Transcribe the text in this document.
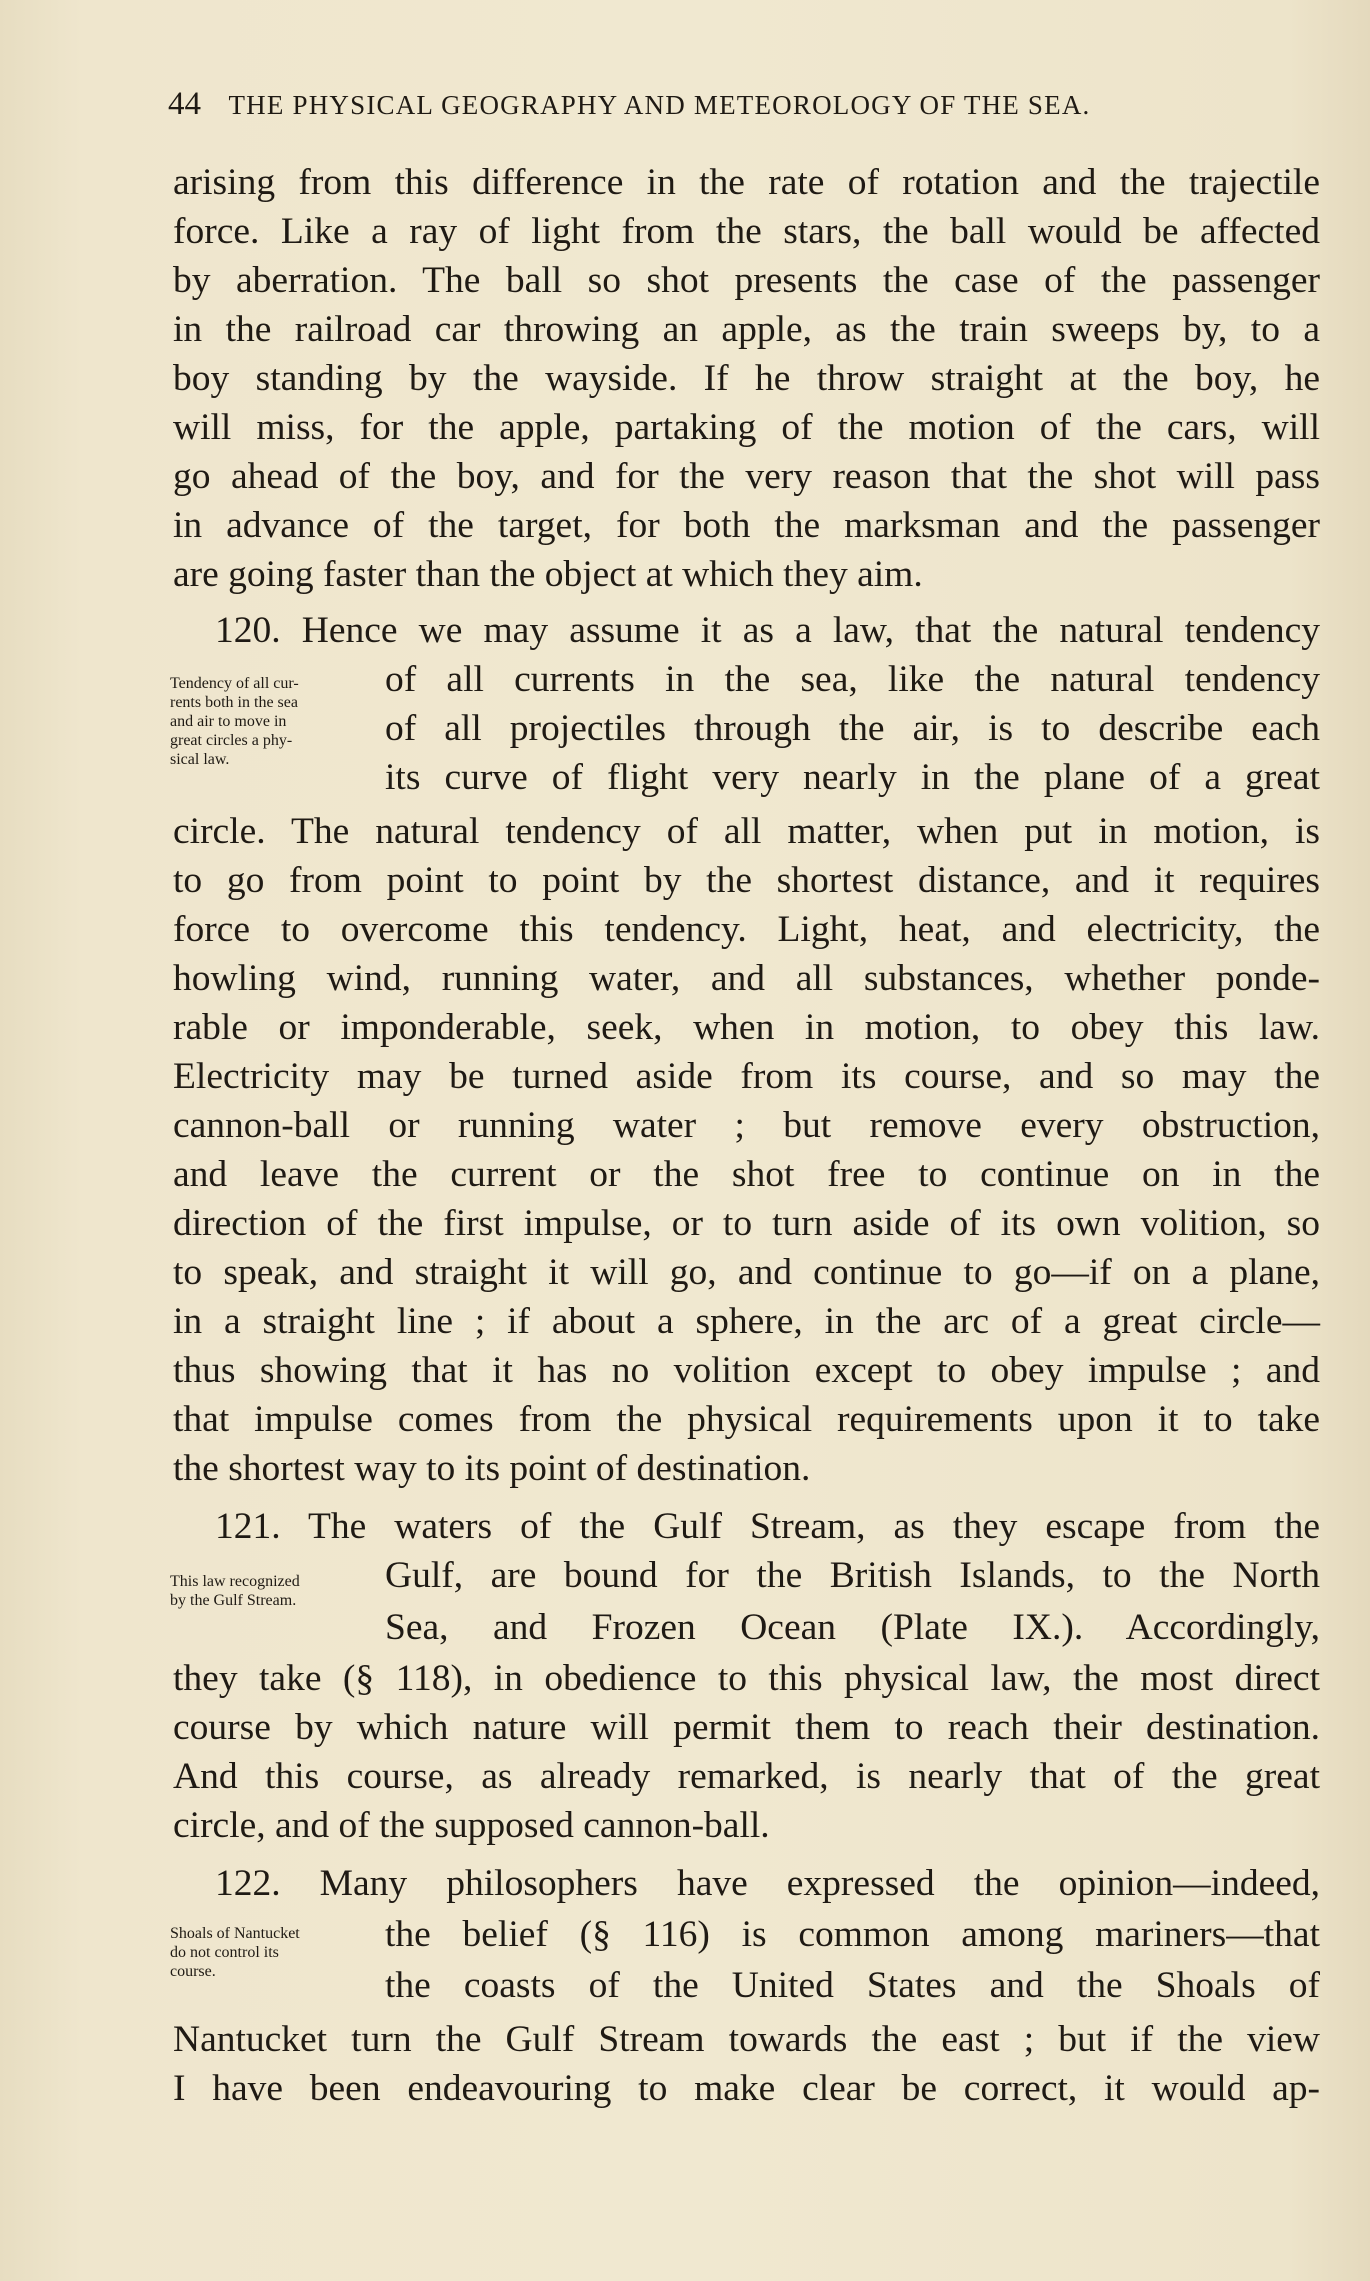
44 THE PHYSICAL GEOGRAPHY AND METEOROLOGY OF THE SEA.
arising from this difference in the rate of rotation and the trajectile
force. Like a ray of light from the stars, the ball would be affected
by aberration. The ball so shot presents the case of the passenger
in the railroad car throwing an apple, as the train sweeps by, to a
boy standing by the wayside. If he throw straight at the boy, he
will miss, for the apple, partaking of the motion of the cars, will
go ahead of the boy, and for the very reason that the shot will pass
in advance of the target, for both the marksman and the passenger
are going faster than the object at which they aim.
120. Hence we may assume it as a law, that the natural tendency
of all currents in the sea, like the natural tendency
of all projectiles through the air, is to describe each
its curve of flight very nearly in the plane of a great
circle. The natural tendency of all matter, when put in motion, is
to go from point to point by the shortest distance, and it requires
force to overcome this tendency. Light, heat, and electricity, the
howling wind, running water, and all substances, whether ponde-
rable or imponderable, seek, when in motion, to obey this law.
Electricity may be turned aside from its course, and so may the
cannon-ball or running water ; but remove every obstruction,
and leave the current or the shot free to continue on in the
direction of the first impulse, or to turn aside of its own volition, so
to speak, and straight it will go, and continue to go—if on a plane,
in a straight line ; if about a sphere, in the arc of a great circle—
thus showing that it has no volition except to obey impulse ; and
that impulse comes from the physical requirements upon it to take
the shortest way to its point of destination.
121. The waters of the Gulf Stream, as they escape from the
Gulf, are bound for the British Islands, to the North
Sea, and Frozen Ocean (Plate IX.). Accordingly,
they take (§ 118), in obedience to this physical law, the most direct
course by which nature will permit them to reach their destination.
And this course, as already remarked, is nearly that of the great
circle, and of the supposed cannon-ball.
122. Many philosophers have expressed the opinion—indeed,
the belief (§ 116) is common among mariners—that
the coasts of the United States and the Shoals of
Nantucket turn the Gulf Stream towards the east ; but if the view
I have been endeavouring to make clear be correct, it would ap-
Tendency of all cur-
rents both in the sea
and air to move in
great circles a phy-
sical law.
This law recognized
by the Gulf Stream.
Shoals of Nantucket
do not control its
course.
